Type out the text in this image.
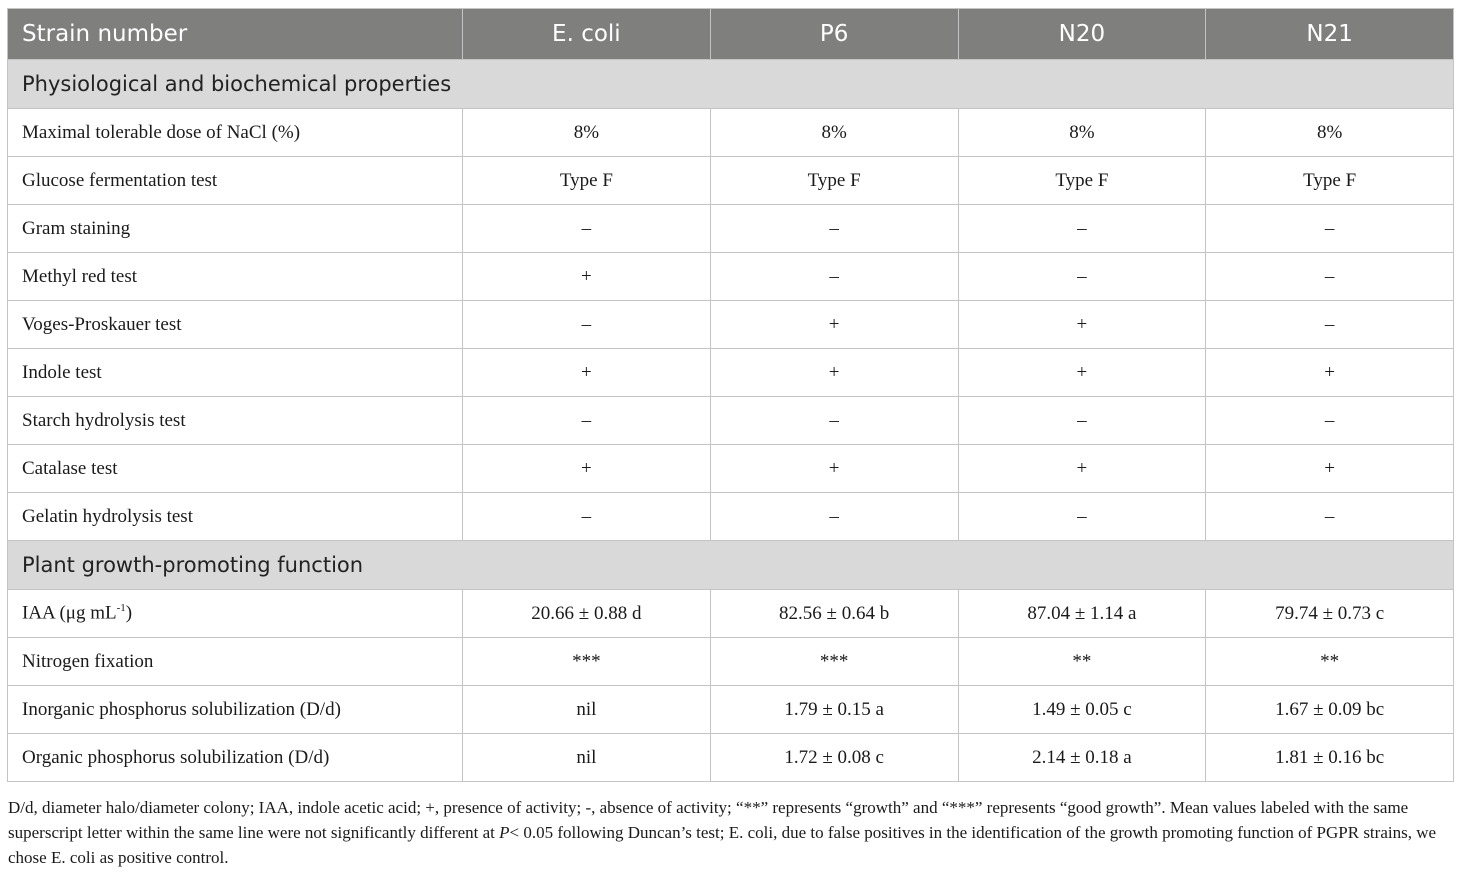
Strain number	E. coli	P6	N20	N21
Physiological and biochemical properties				
Maximal tolerable dose of NaCl (%)	8%	8%	8%	8%
Glucose fermentation test	Type F	Type F	Type F	Type F
Gram staining	–	–	–	–
Methyl red test	+	–	–	–
Voges-Proskauer test	–	+	+	–
Indole test	+	+	+	+
Starch hydrolysis test	–	–	–	–
Catalase test	+	+	+	+
Gelatin hydrolysis test	–	–	–	–
Plant growth-promoting function				
IAA (μg $mL^{-1}$)	20.66 ± 0.88 d	82.56 ± 0.64 b	87.04 ± 1.14 a	79.74 ± 0.73 c
Nitrogen fixation	***	***	**	**
Inorganic phosphorus solubilization (D/d)	nil	1.79 ± 0.15 a	1.49 ± 0.05 c	1.67 ± 0.09 bc
Organic phosphorus solubilization (D/d)	nil	1.72 ± 0.08 c	2.14 ± 0.18 a	1.81 ± 0.16 bc
D/d, diameter halo/diameter colony; IAA, indole acetic acid; +, presence of activity; -, absence of activity; “**” represents “growth” and “***” represents “good growth”. Mean values labeled with the same superscript letter within the same line were not significantly different at P< 0.05 following Duncan’s test; E. coli, due to false positives in the identification of the growth promoting function of PGPR strains, we chose E. coli as positive control.
